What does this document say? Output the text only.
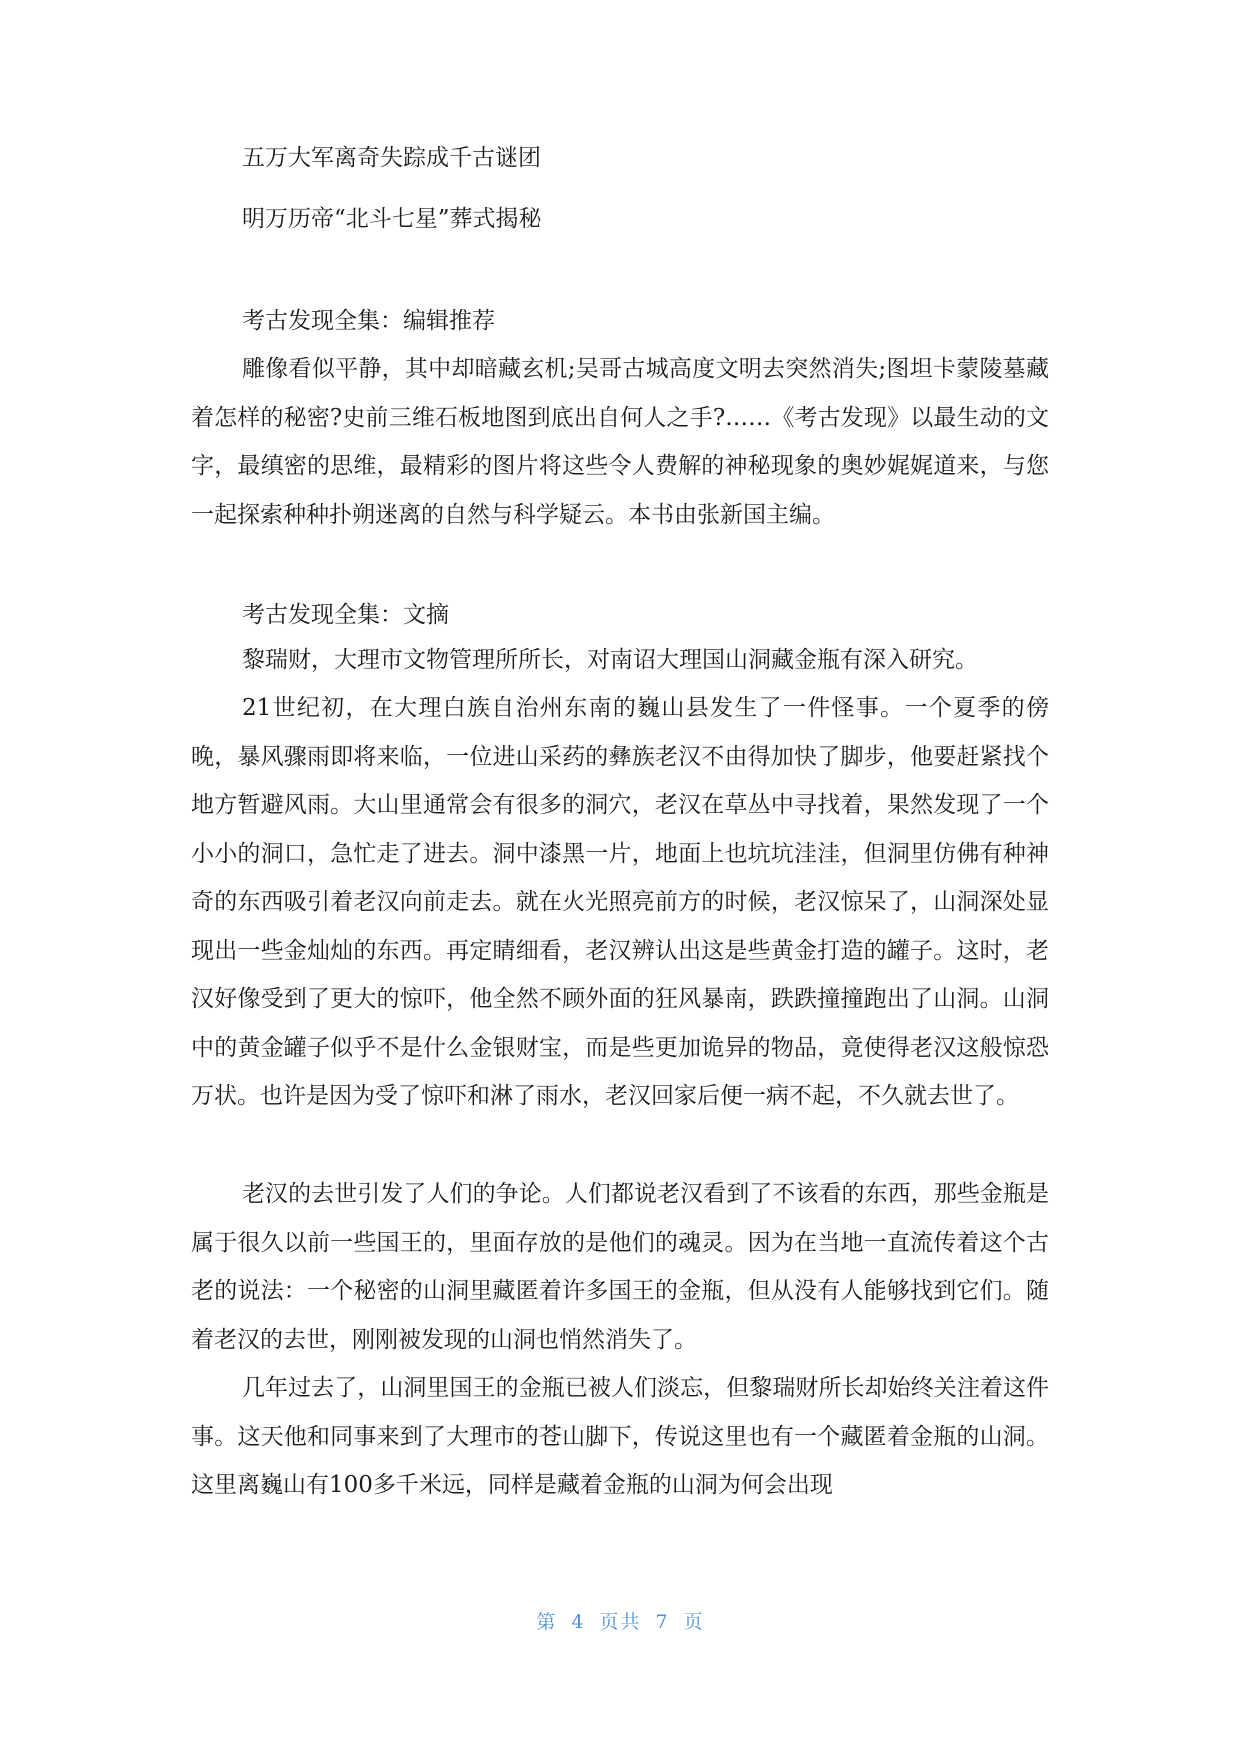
五万大军离奇失踪成千古谜团
明万历帝“北斗七星”葬式揭秘
考古发现全集：编辑推荐

雕像看似平静，其中却暗藏玄机;吴哥古城高度文明去突然消失;图坦卡蒙陵墓藏着怎样的秘密?史前三维石板地图到底出自何人之手?……《考古发现》以最生动的文字，最缜密的思维，最精彩的图片将这些令人费解的神秘现象的奥妙娓娓道来，与您一起探索种种扑朔迷离的自然与科学疑云。本书由张新国主编。

考古发现全集：文摘

黎瑞财，大理市文物管理所所长，对南诏大理国山洞藏金瓶有深入研究。

21世纪初，在大理白族自治州东南的巍山县发生了一件怪事。一个夏季的傍晚，暴风骤雨即将来临，一位进山采药的彝族老汉不由得加快了脚步，他要赶紧找个地方暂避风雨。大山里通常会有很多的洞穴，老汉在草丛中寻找着，果然发现了一个小小的洞口，急忙走了进去。洞中漆黑一片，地面上也坑坑洼洼，但洞里仿佛有种神奇的东西吸引着老汉向前走去。就在火光照亮前方的时候，老汉惊呆了，山洞深处显现出一些金灿灿的东西。再定睛细看，老汉辨认出这是些黄金打造的罐子。这时，老汉好像受到了更大的惊吓，他全然不顾外面的狂风暴南，跌跌撞撞跑出了山洞。山洞中的黄金罐子似乎不是什么金银财宝，而是些更加诡异的物品，竟使得老汉这般惊恐万状。也许是因为受了惊吓和淋了雨水，老汉回家后便一病不起，不久就去世了。

老汉的去世引发了人们的争论。人们都说老汉看到了不该看的东西，那些金瓶是属于很久以前一些国王的，里面存放的是他们的魂灵。因为在当地一直流传着这个古老的说法：一个秘密的山洞里藏匿着许多国王的金瓶，但从没有人能够找到它们。随着老汉的去世，刚刚被发现的山洞也悄然消失了。

几年过去了，山洞里国王的金瓶已被人们淡忘，但黎瑞财所长却始终关注着这件事。这天他和同事来到了大理市的苍山脚下，传说这里也有一个藏匿着金瓶的山洞。这里离巍山有100多千米远，同样是藏着金瓶的山洞为何会出现

第 4 页共 7 页
